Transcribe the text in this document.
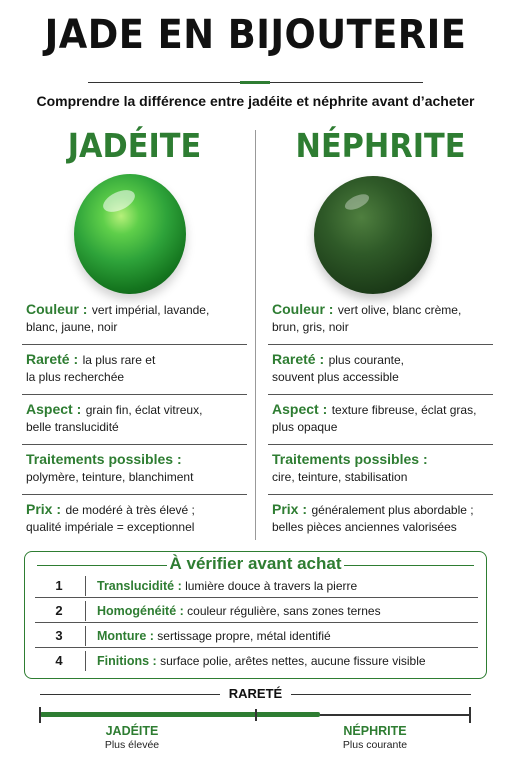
JADE EN BIJOUTERIE
Comprendre la différence entre jadéite et néphrite avant d’acheter
JADÉITE
Couleur : vert impérial, lavande,
blanc, jaune, noir
Rareté : la plus rare et
la plus recherchée
Aspect : grain fin, éclat vitreux,
belle translucidité
Traitements possibles :
polymère, teinture, blanchiment
Prix : de modéré à très élevé ;
qualité impériale = exceptionnel
NÉPHRITE
Couleur : vert olive, blanc crème,
brun, gris, noir
Rareté : plus courante,
souvent plus accessible
Aspect : texture fibreuse, éclat gras,
plus opaque
Traitements possibles :
cire, teinture, stabilisation
Prix : généralement plus abordable ;
belles pièces anciennes valorisées
À vérifier avant achat
1	Translucidité : lumière douce à travers la pierre
2	Homogénéité : couleur régulière, sans zones ternes
3	Monture : sertissage propre, métal identifié
4	Finitions : surface polie, arêtes nettes, aucune fissure visible
RARETÉ
JADÉITE
Plus élevée
NÉPHRITE
Plus courante
